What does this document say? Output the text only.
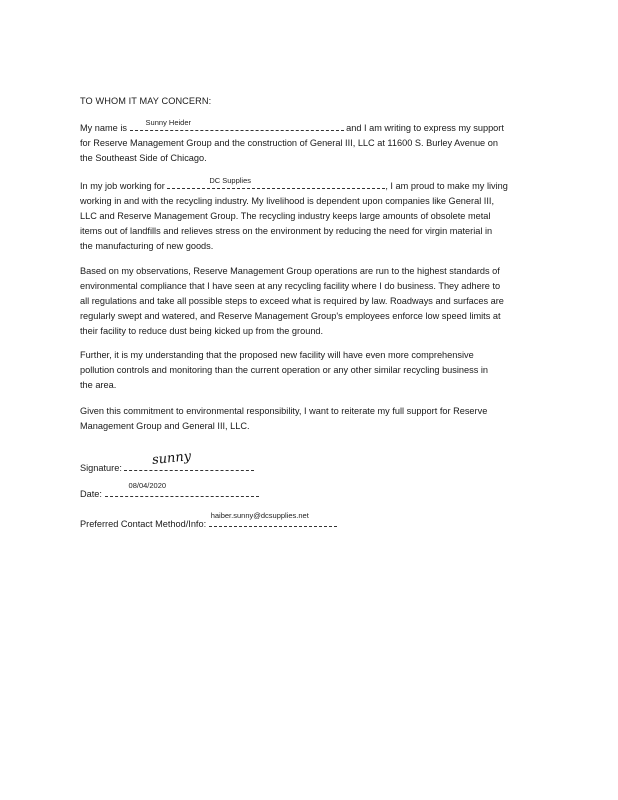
TO WHOM IT MAY CONCERN:

My name is
Sunny Heider
and I am writing to express my support
for Reserve Management Group and the construction of General III, LLC at 11600 S. Burley Avenue on
the Southeast Side of Chicago.

In my job working for
DC Supplies
, I am proud to make my living
working in and with the recycling industry. My livelihood is dependent upon companies like General III,
LLC and Reserve Management Group. The recycling industry keeps large amounts of obsolete metal
items out of landfills and relieves stress on the environment by reducing the need for virgin material in
the manufacturing of new goods.

Based on my observations, Reserve Management Group operations are run to the highest standards of
environmental compliance that I have seen at any recycling facility where I do business. They adhere to
all regulations and take all possible steps to exceed what is required by law. Roadways and surfaces are
regularly swept and watered, and Reserve Management Group's employees enforce low speed limits at
their facility to reduce dust being kicked up from the ground.

Further, it is my understanding that the proposed new facility will have even more comprehensive
pollution controls and monitoring than the current operation or any other similar recycling business in
the area.

Given this commitment to environmental responsibility, I want to reiterate my full support for Reserve
Management Group and General III, LLC.

Signature:	sunny
Date:
08/04/2020
Preferred Contact Method/Info:
haiber.sunny@dcsupplies.net
